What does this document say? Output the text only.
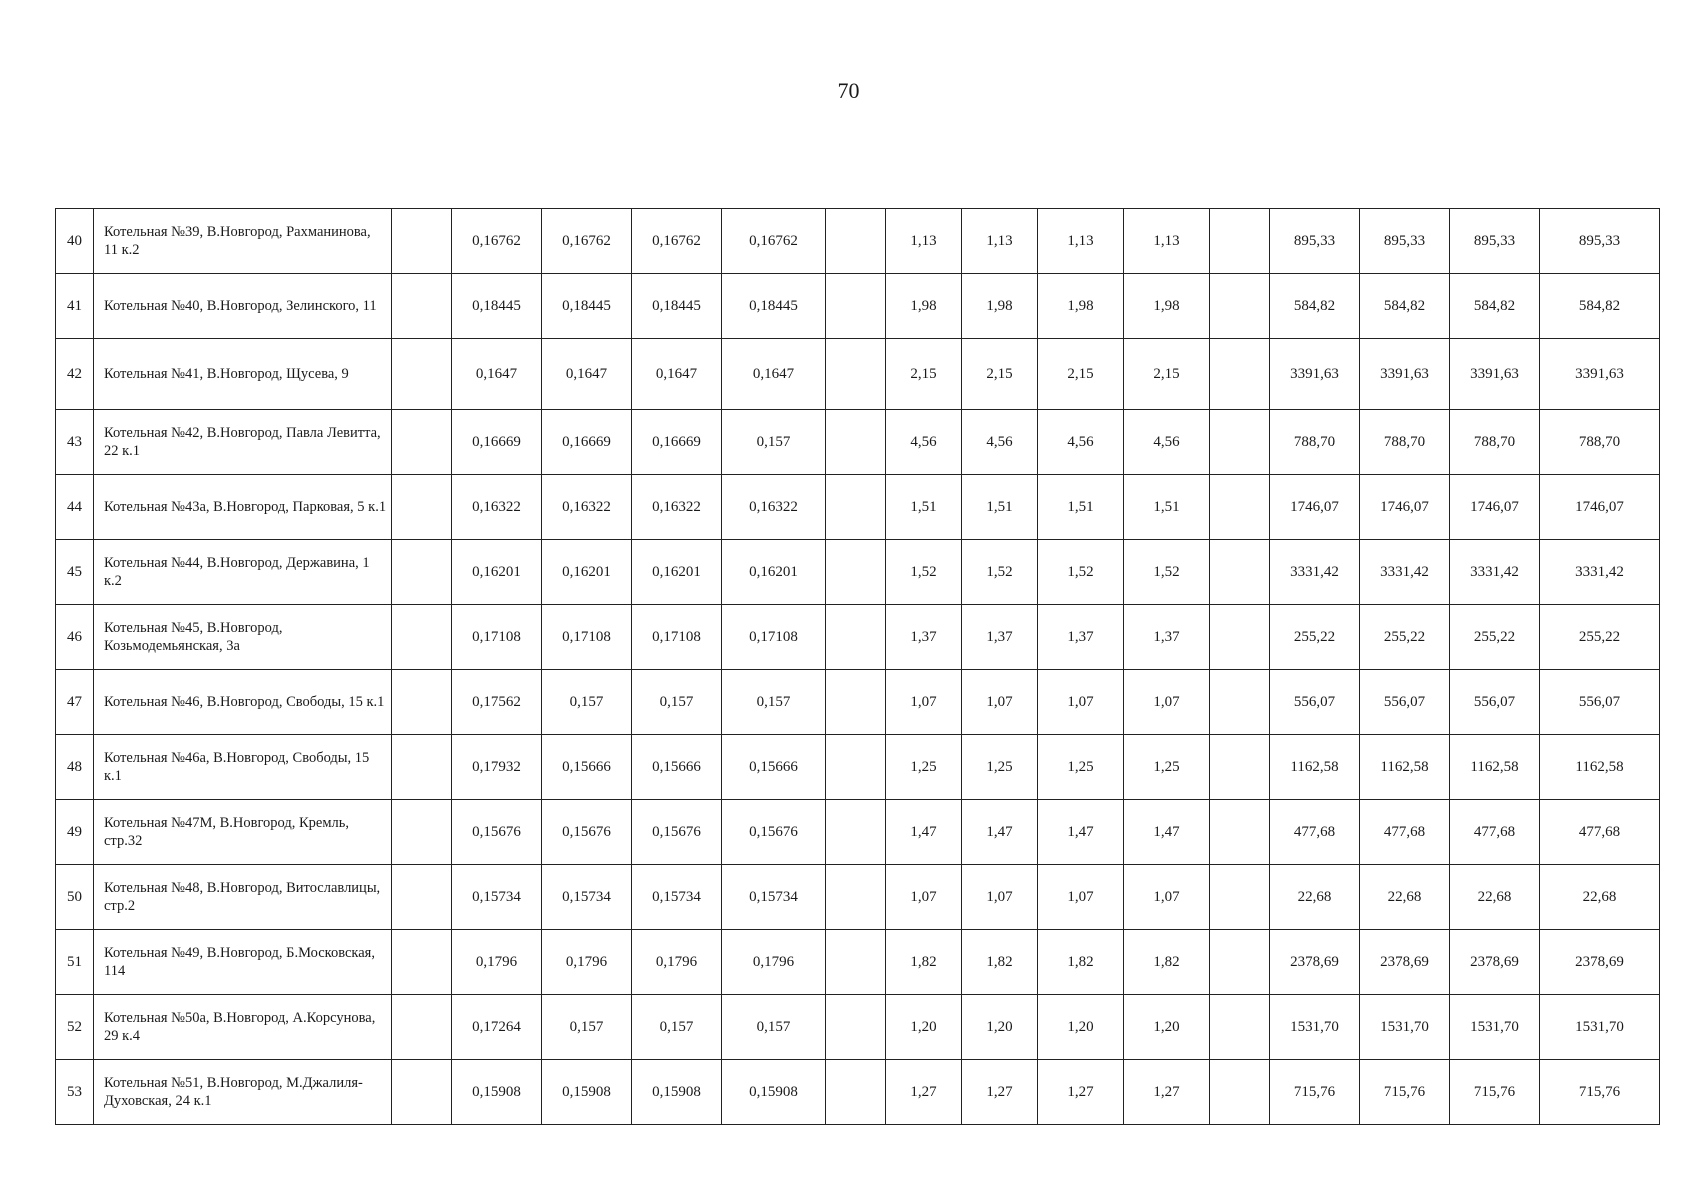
70
40	Котельная №39, В.Новгород, Рахманинова, 11 к.2		0,16762	0,16762	0,16762	0,16762		1,13	1,13	1,13	1,13		895,33	895,33	895,33	895,33
41	Котельная №40, В.Новгород, Зелинского, 11		0,18445	0,18445	0,18445	0,18445		1,98	1,98	1,98	1,98		584,82	584,82	584,82	584,82
42	Котельная №41, В.Новгород, Щусева, 9		0,1647	0,1647	0,1647	0,1647		2,15	2,15	2,15	2,15		3391,63	3391,63	3391,63	3391,63
43	Котельная №42, В.Новгород, Павла Левитта, 22 к.1		0,16669	0,16669	0,16669	0,157		4,56	4,56	4,56	4,56		788,70	788,70	788,70	788,70
44	Котельная №43а, В.Новгород, Парковая, 5 к.1		0,16322	0,16322	0,16322	0,16322		1,51	1,51	1,51	1,51		1746,07	1746,07	1746,07	1746,07
45	Котельная №44, В.Новгород, Державина, 1 к.2		0,16201	0,16201	0,16201	0,16201		1,52	1,52	1,52	1,52		3331,42	3331,42	3331,42	3331,42
46	Котельная №45, В.Новгород, Козьмодемьянская, 3а		0,17108	0,17108	0,17108	0,17108		1,37	1,37	1,37	1,37		255,22	255,22	255,22	255,22
47	Котельная №46, В.Новгород, Свободы, 15 к.1		0,17562	0,157	0,157	0,157		1,07	1,07	1,07	1,07		556,07	556,07	556,07	556,07
48	Котельная №46а, В.Новгород, Свободы, 15 к.1		0,17932	0,15666	0,15666	0,15666		1,25	1,25	1,25	1,25		1162,58	1162,58	1162,58	1162,58
49	Котельная №47М, В.Новгород, Кремль, стр.32		0,15676	0,15676	0,15676	0,15676		1,47	1,47	1,47	1,47		477,68	477,68	477,68	477,68
50	Котельная №48, В.Новгород, Витославлицы, стр.2		0,15734	0,15734	0,15734	0,15734		1,07	1,07	1,07	1,07		22,68	22,68	22,68	22,68
51	Котельная №49, В.Новгород, Б.Московская, 114		0,1796	0,1796	0,1796	0,1796		1,82	1,82	1,82	1,82		2378,69	2378,69	2378,69	2378,69
52	Котельная №50а, В.Новгород, А.Корсунова, 29 к.4		0,17264	0,157	0,157	0,157		1,20	1,20	1,20	1,20		1531,70	1531,70	1531,70	1531,70
53	Котельная №51, В.Новгород, М.Джалиля-Духовская, 24 к.1		0,15908	0,15908	0,15908	0,15908		1,27	1,27	1,27	1,27		715,76	715,76	715,76	715,76
